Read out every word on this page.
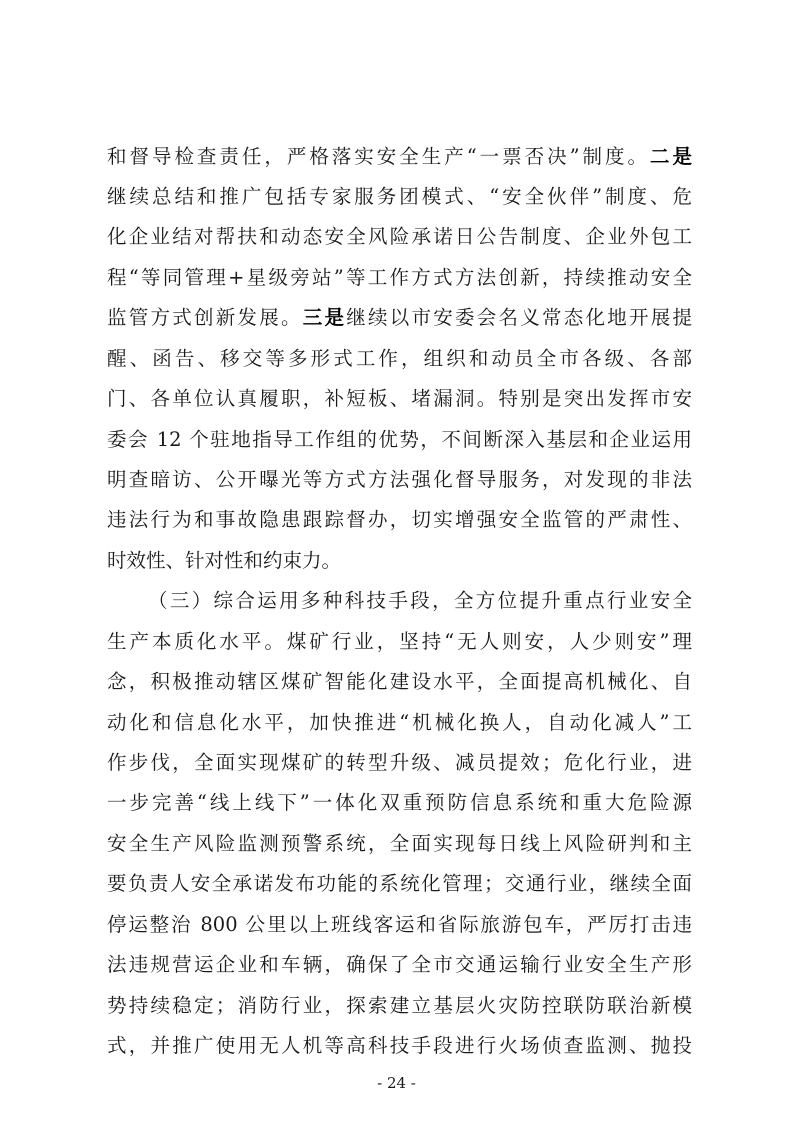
和督导检查责任，严格落实安全生产“一票否决”制度。二是
继续总结和推广包括专家服务团模式、“安全伙伴”制度、危
化企业结对帮扶和动态安全风险承诺日公告制度、企业外包工
程“等同管理+星级旁站”等工作方式方法创新，持续推动安全
监管方式创新发展。三是继续以市安委会名义常态化地开展提
醒、函告、移交等多形式工作，组织和动员全市各级、各部
门、各单位认真履职，补短板、堵漏洞。特别是突出发挥市安
委会 12 个驻地指导工作组的优势，不间断深入基层和企业运用
明查暗访、公开曝光等方式方法强化督导服务，对发现的非法
违法行为和事故隐患跟踪督办，切实增强安全监管的严肃性、
时效性、针对性和约束力。
（三）综合运用多种科技手段，全方位提升重点行业安全
生产本质化水平。煤矿行业，坚持“无人则安，人少则安”理
念，积极推动辖区煤矿智能化建设水平，全面提高机械化、自
动化和信息化水平，加快推进“机械化换人，自动化减人”工
作步伐，全面实现煤矿的转型升级、减员提效；危化行业，进
一步完善“线上线下”一体化双重预防信息系统和重大危险源
安全生产风险监测预警系统，全面实现每日线上风险研判和主
要负责人安全承诺发布功能的系统化管理；交通行业，继续全面
停运整治 800 公里以上班线客运和省际旅游包车，严厉打击违
法违规营运企业和车辆，确保了全市交通运输行业安全生产形
势持续稳定；消防行业，探索建立基层火灾防控联防联治新模
式，并推广使用无人机等高科技手段进行火场侦查监测、抛投
- 24 -
